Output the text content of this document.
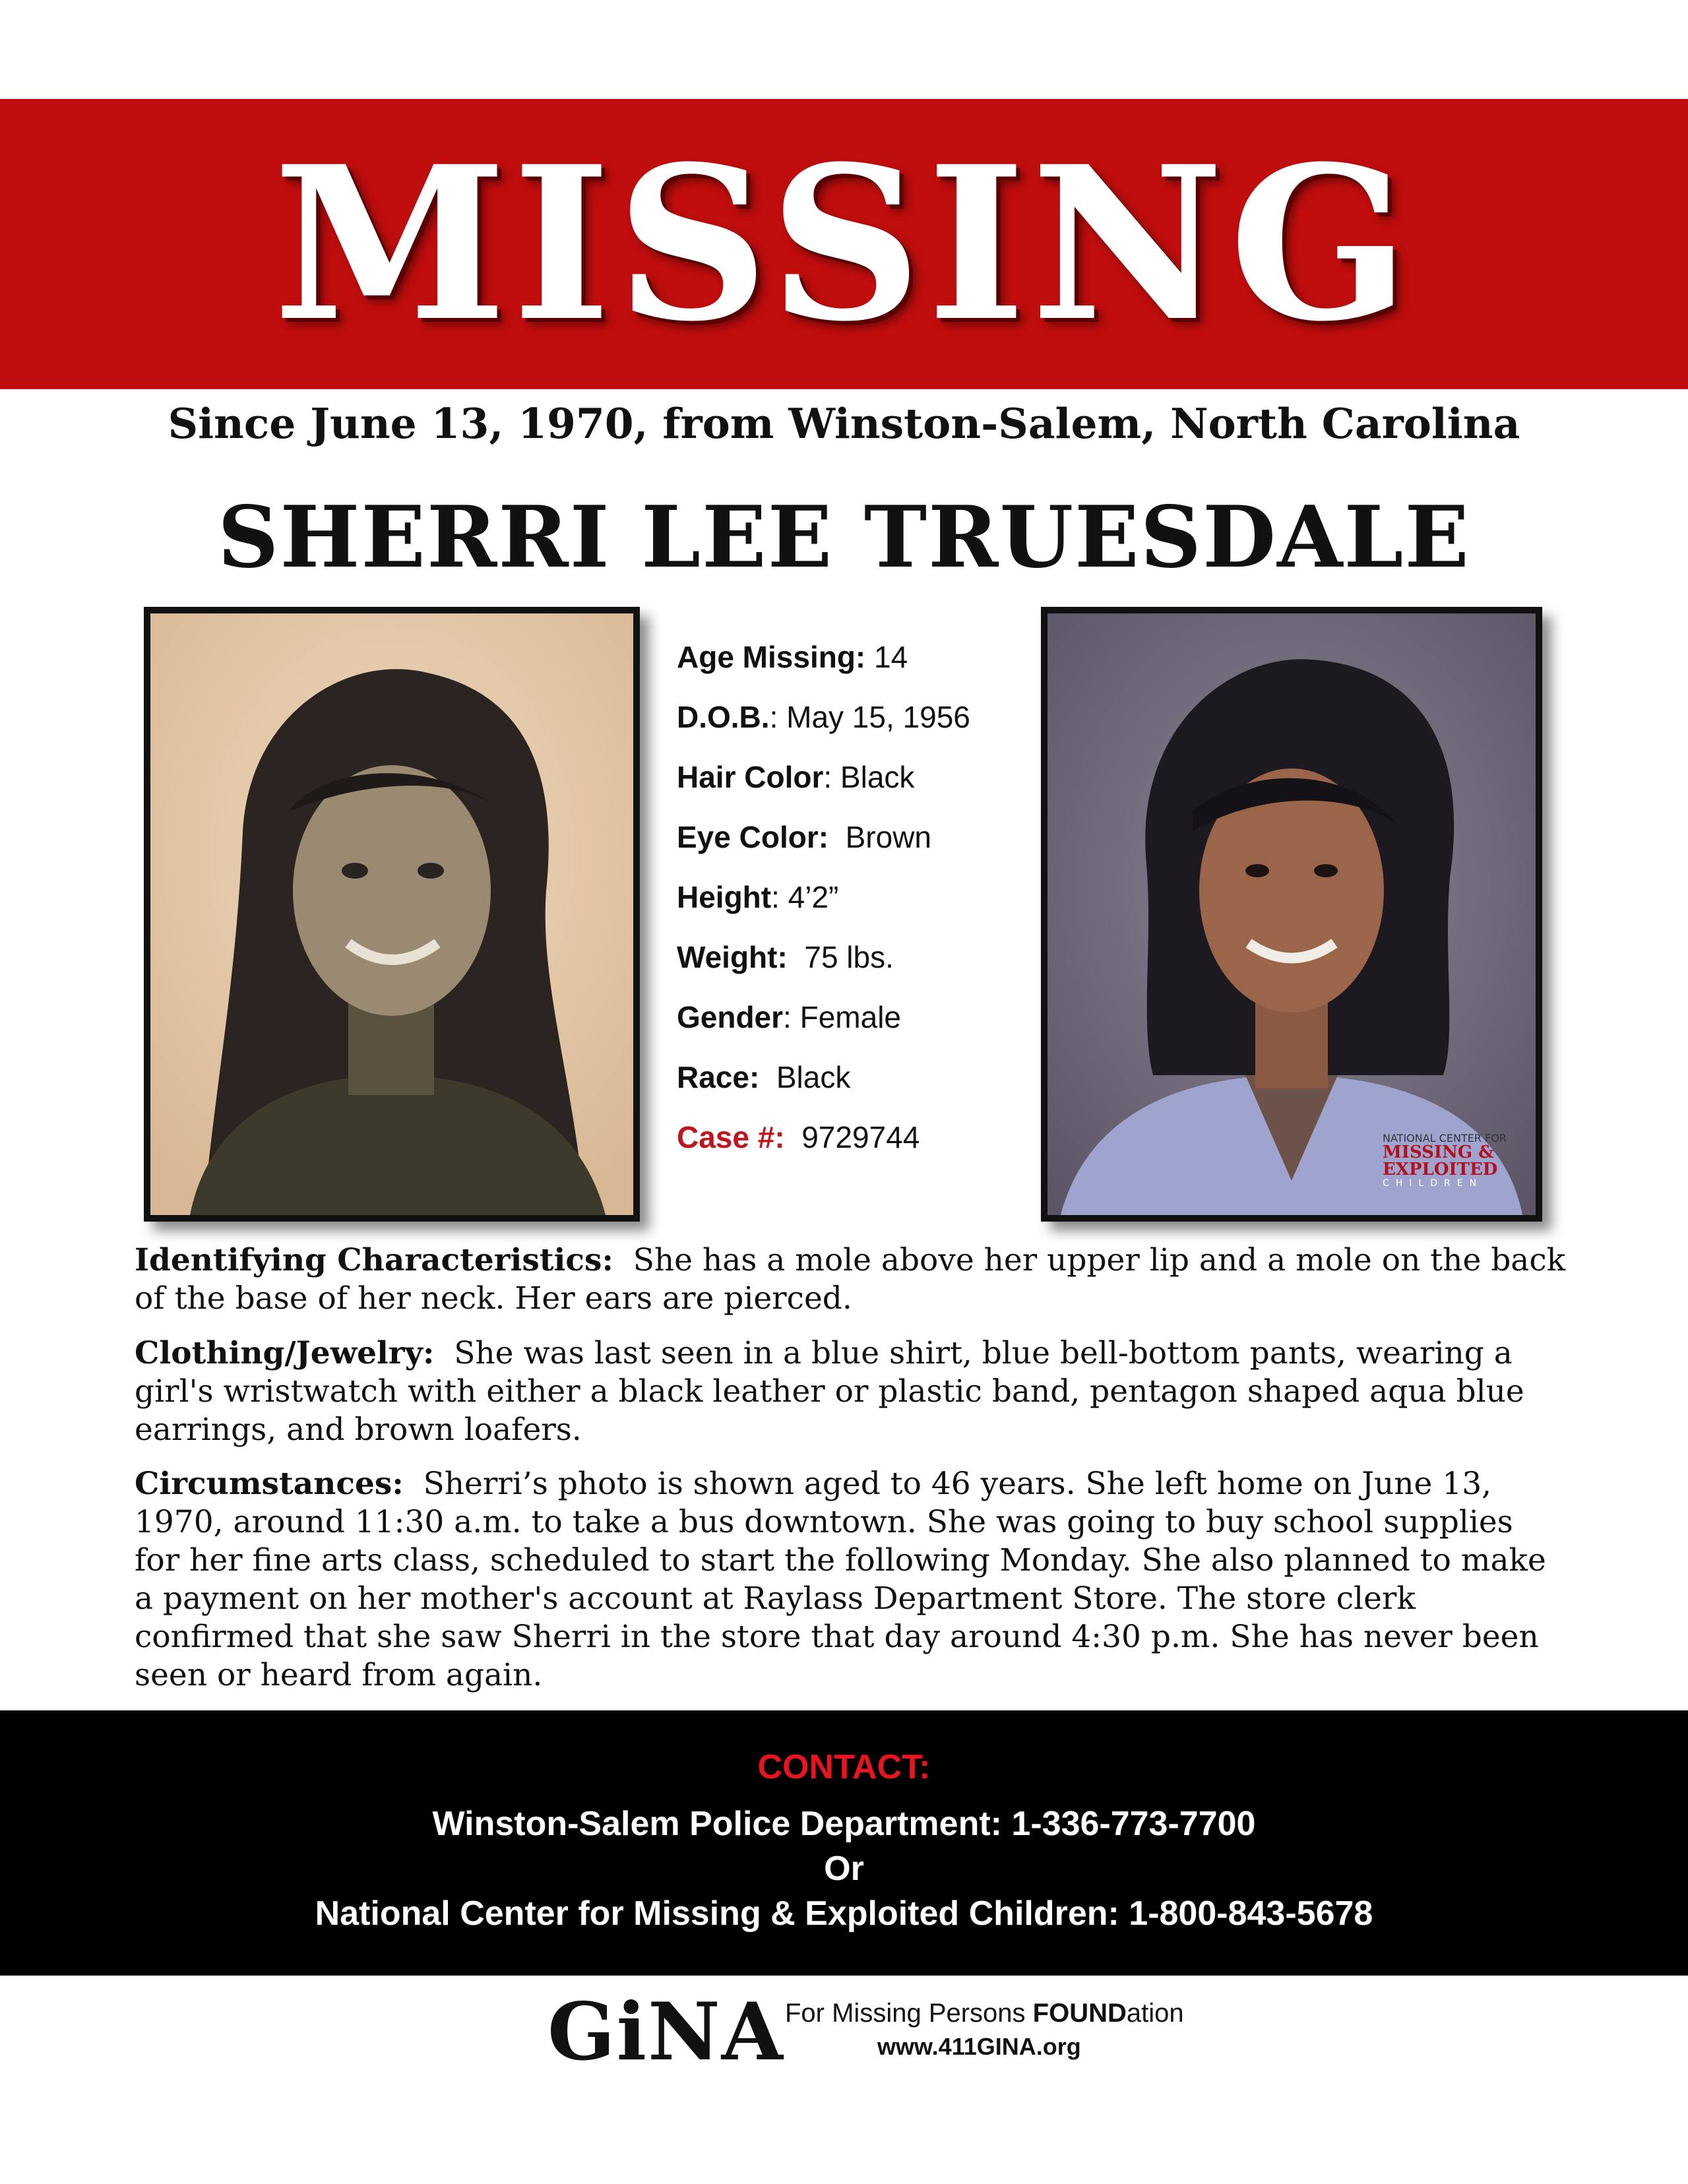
MISSING
Since June 13, 1970, from Winston-Salem, North Carolina
SHERRI LEE TRUESDALE
NATIONAL CENTER FOR
MISSING &
EXPLOITED
CHILDREN
Age Missing: 14
D.O.B.: May 15, 1956
Hair Color: Black
Eye Color: Brown
Height: 4’2”
Weight: 75 lbs.
Gender: Female
Race: Black
Case #: 9729744
Identifying Characteristics: She has a mole above her upper lip and a mole on the back of the base of her neck. Her ears are pierced.
Clothing/Jewelry: She was last seen in a blue shirt, blue bell-bottom pants, wearing a girl's wristwatch with either a black leather or plastic band, pentagon shaped aqua blue earrings, and brown loafers.
Circumstances: Sherri’s photo is shown aged to 46 years. She left home on June 13, 1970, around 11:30 a.m. to take a bus downtown. She was going to buy school supplies for her fine arts class, scheduled to start the following Monday. She also planned to make a payment on her mother's account at Raylass Department Store. The store clerk confirmed that she saw Sherri in the store that day around 4:30 p.m. She has never been seen or heard from again.
CONTACT:
Winston-Salem Police Department: 1-336-773-7700
Or
National Center for Missing & Exploited Children: 1-800-843-5678
GiNA For Missing Persons FOUNDation
www.411GINA.org
